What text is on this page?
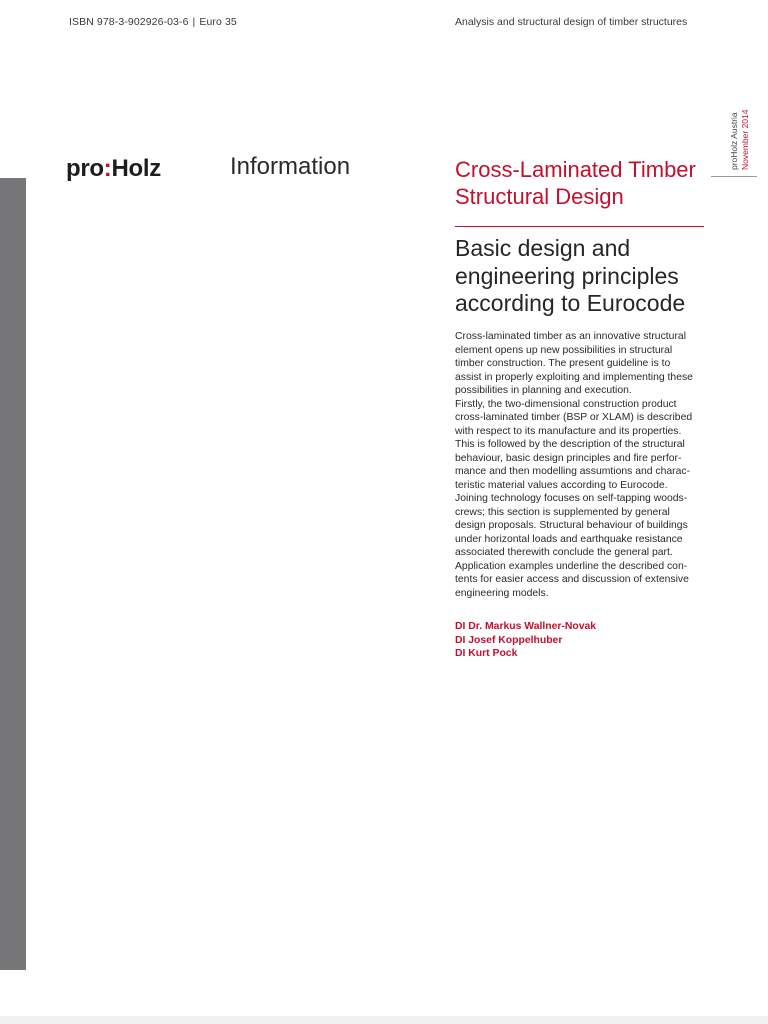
ISBN 978-3-902926-03-6 | Euro 35	Analysis and structural design of timber structures
proHolz Austria November 2014
pro:Holz	Information	Cross-Laminated Timber
Structural Design
Basic design and
engineering principles
according to Eurocode
Cross-laminated timber as an innovative structural
element opens up new possibilities in structural
timber construction. The present guideline is to
assist in properly exploiting and implementing these
possibilities in planning and execution.
Firstly, the two-dimensional construction product
cross-laminated timber (BSP or XLAM) is described
with respect to its manufacture and its properties.
This is followed by the description of the structural
behaviour, basic design principles and fire perfor-
mance and then modelling assumtions and charac-
teristic material values according to Eurocode.
Joining technology focuses on self-tapping woods-
crews; this section is supplemented by general
design proposals. Structural behaviour of buildings
under horizontal loads and earthquake resistance
associated therewith conclude the general part.
Application examples underline the described con-
tents for easier access and discussion of extensive
engineering models.
DI Dr. Markus Wallner-Novak
DI Josef Koppelhuber
DI Kurt Pock
